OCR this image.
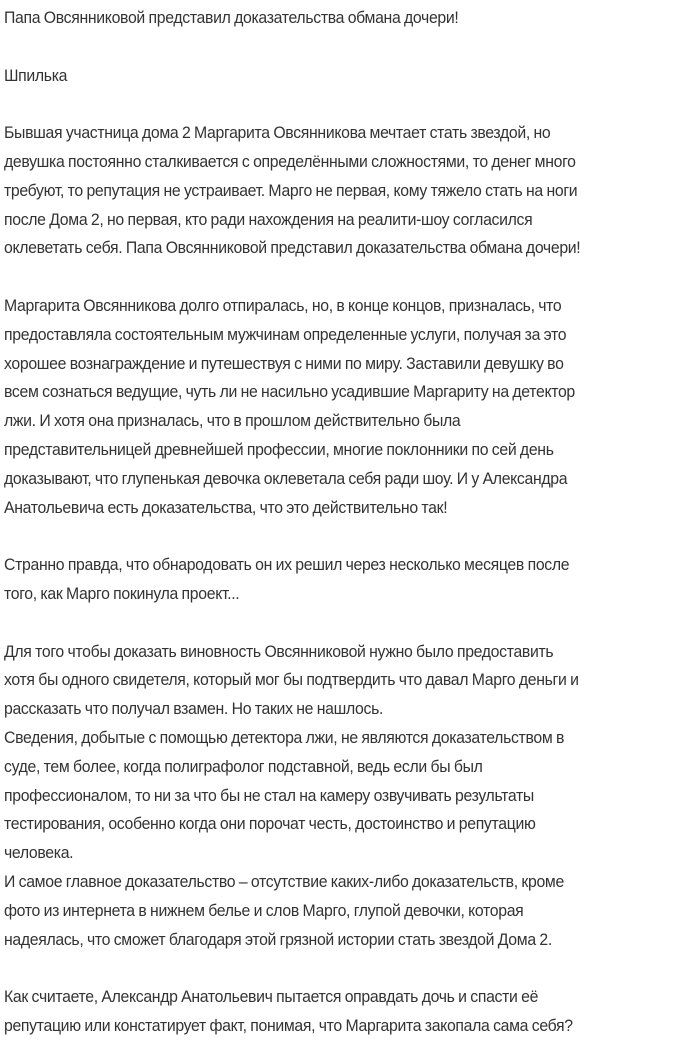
Папа Овсянниковой представил доказательства обмана дочери!
Шпилька
Бывшая участница дома 2 Маргарита Овсянникова мечтает стать звездой, но
девушка постоянно сталкивается с определёнными сложностями, то денег много
требуют, то репутация не устраивает. Марго не первая, кому тяжело стать на ноги
после Дома 2, но первая, кто ради нахождения на реалити-шоу согласился
оклеветать себя. Папа Овсянниковой представил доказательства обмана дочери!
Маргарита Овсянникова долго отпиралась, но, в конце концов, призналась, что
предоставляла состоятельным мужчинам определенные услуги, получая за это
хорошее вознаграждение и путешествуя с ними по миру. Заставили девушку во
всем сознаться ведущие, чуть ли не насильно усадившие Маргариту на детектор
лжи. И хотя она призналась, что в прошлом действительно была
представительницей древнейшей профессии, многие поклонники по сей день
доказывают, что глупенькая девочка оклеветала себя ради шоу. И у Александра
Анатольевича есть доказательства, что это действительно так!
Странно правда, что обнародовать он их решил через несколько месяцев после
того, как Марго покинула проект...
Для того чтобы доказать виновность Овсянниковой нужно было предоставить
хотя бы одного свидетеля, который мог бы подтвердить что давал Марго деньги и
рассказать что получал взамен. Но таких не нашлось.
Сведения, добытые с помощью детектора лжи, не являются доказательством в
суде, тем более, когда полиграфолог подставной, ведь если бы был
профессионалом, то ни за что бы не стал на камеру озвучивать результаты
тестирования, особенно когда они порочат честь, достоинство и репутацию
человека.
И самое главное доказательство – отсутствие каких-либо доказательств, кроме
фото из интернета в нижнем белье и слов Марго, глупой девочки, которая
надеялась, что сможет благодаря этой грязной истории стать звездой Дома 2.
Как считаете, Александр Анатольевич пытается оправдать дочь и спасти её
репутацию или констатирует факт, понимая, что Маргарита закопала сама себя?
